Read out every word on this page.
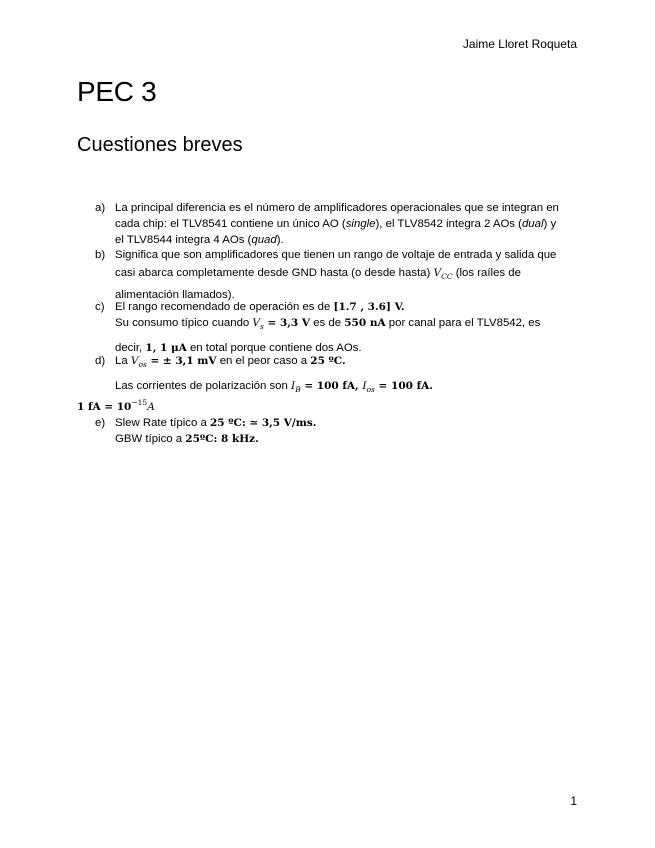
Jaime Lloret Roqueta
PEC 3
Cuestiones breves
a) La principal diferencia es el número de amplificadores operacionales que se integran en
cada chip: el TLV8541 contiene un único AO (single), el TLV8542 integra 2 AOs (dual) y
el TLV8544 integra 4 AOs (quad).
b) Significa que son amplificadores que tienen un rango de voltaje de entrada y salida que
casi abarca completamente desde GND hasta (o desde hasta) $V_{CC}$ (los raíles de
alimentación llamados).
c) El rango recomendado de operación es de [1.7 , 3.6] V.
Su consumo típico cuando $V_s = 3,3$ V es de 550 nA por canal para el TLV8542, es
decir, 1, 1 μA en total porque contiene dos AOs.
d) La $V_{os}$ = ± 3,1 mV en el peor caso a 25 ºC.
Las corrientes de polarización son $I_B = 100$ fA, $I_{os} = 100$ fA.
1 fA = $10^{-15}A$
e) Slew Rate típico a 25 ºC: ≃ 3,5 V/ms.
GBW típico a 25ºC: 8 kHz.
1
